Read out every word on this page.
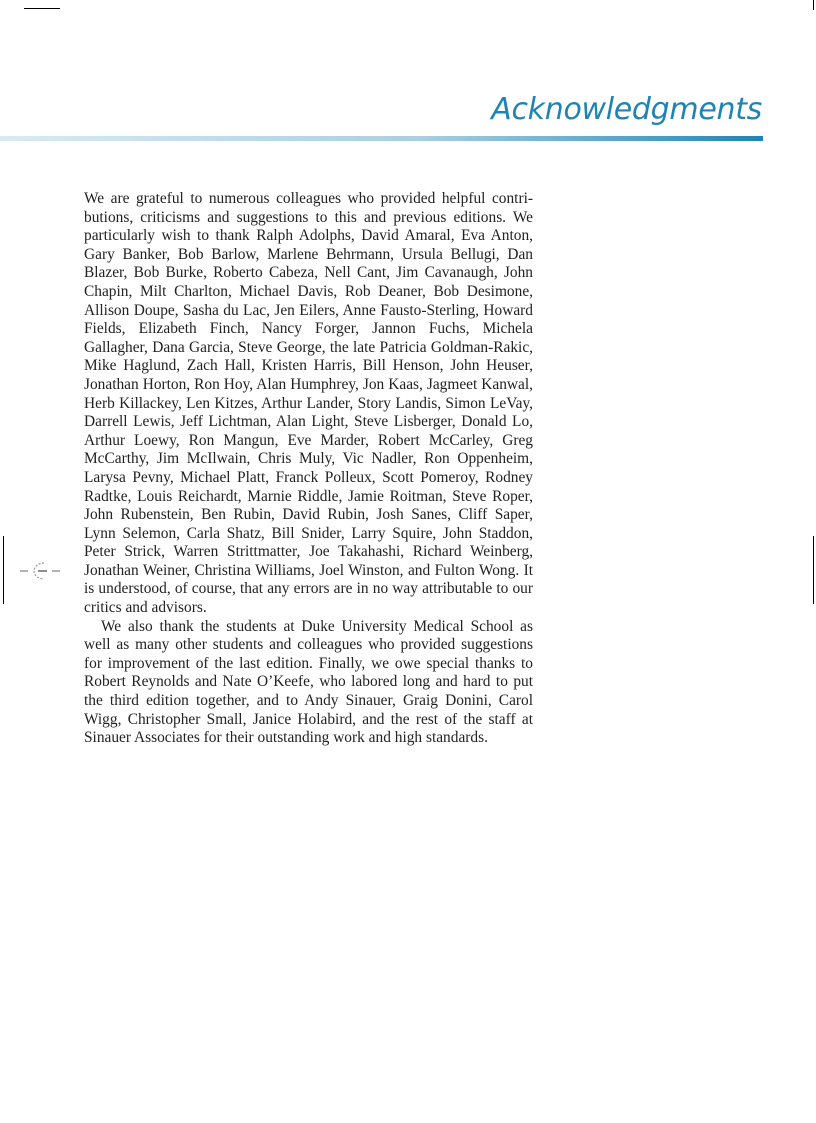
Acknowledgments

We are grateful to numerous colleagues who provided helpful contributions, criticisms and suggestions to this and previous editions. We particularly wish to thank Ralph Adolphs, David Amaral, Eva Anton, Gary Banker, Bob Barlow, Marlene Behrmann, Ursula Bellugi, Dan Blazer, Bob Burke, Roberto Cabeza, Nell Cant, Jim Cavanaugh, John Chapin, Milt Charlton, Michael Davis, Rob Deaner, Bob Desimone, Allison Doupe, Sasha du Lac, Jen Eilers, Anne Fausto-Sterling, Howard Fields, Elizabeth Finch, Nancy Forger, Jannon Fuchs, Michela Gallagher, Dana Garcia, Steve George, the late Patricia Goldman-Rakic, Mike Haglund, Zach Hall, Kristen Harris, Bill Henson, John Heuser, Jonathan Horton, Ron Hoy, Alan Humphrey, Jon Kaas, Jagmeet Kanwal, Herb Killackey, Len Kitzes, Arthur Lander, Story Landis, Simon LeVay, Darrell Lewis, Jeff Lichtman, Alan Light, Steve Lisberger, Donald Lo, Arthur Loewy, Ron Mangun, Eve Marder, Robert McCarley, Greg McCarthy, Jim McIlwain, Chris Muly, Vic Nadler, Ron Oppenheim, Larysa Pevny, Michael Platt, Franck Polleux, Scott Pomeroy, Rodney Radtke, Louis Reichardt, Marnie Riddle, Jamie Roitman, Steve Roper, John Rubenstein, Ben Rubin, David Rubin, Josh Sanes, Cliff Saper, Lynn Selemon, Carla Shatz, Bill Snider, Larry Squire, John Staddon, Peter Strick, Warren Strittmatter, Joe Takahashi, Richard Weinberg, Jonathan Weiner, Christina Williams, Joel Winston, and Fulton Wong. It is understood, of course, that any errors are in no way attributable to our critics and advisors.

We also thank the students at Duke University Medical School as well as many other students and colleagues who provided suggestions for improvement of the last edition. Finally, we owe special thanks to Robert Reynolds and Nate O’Keefe, who labored long and hard to put the third edition together, and to Andy Sinauer, Graig Donini, Carol Wigg, Christopher Small, Janice Holabird, and the rest of the staff at Sinauer Associates for their outstanding work and high standards.
